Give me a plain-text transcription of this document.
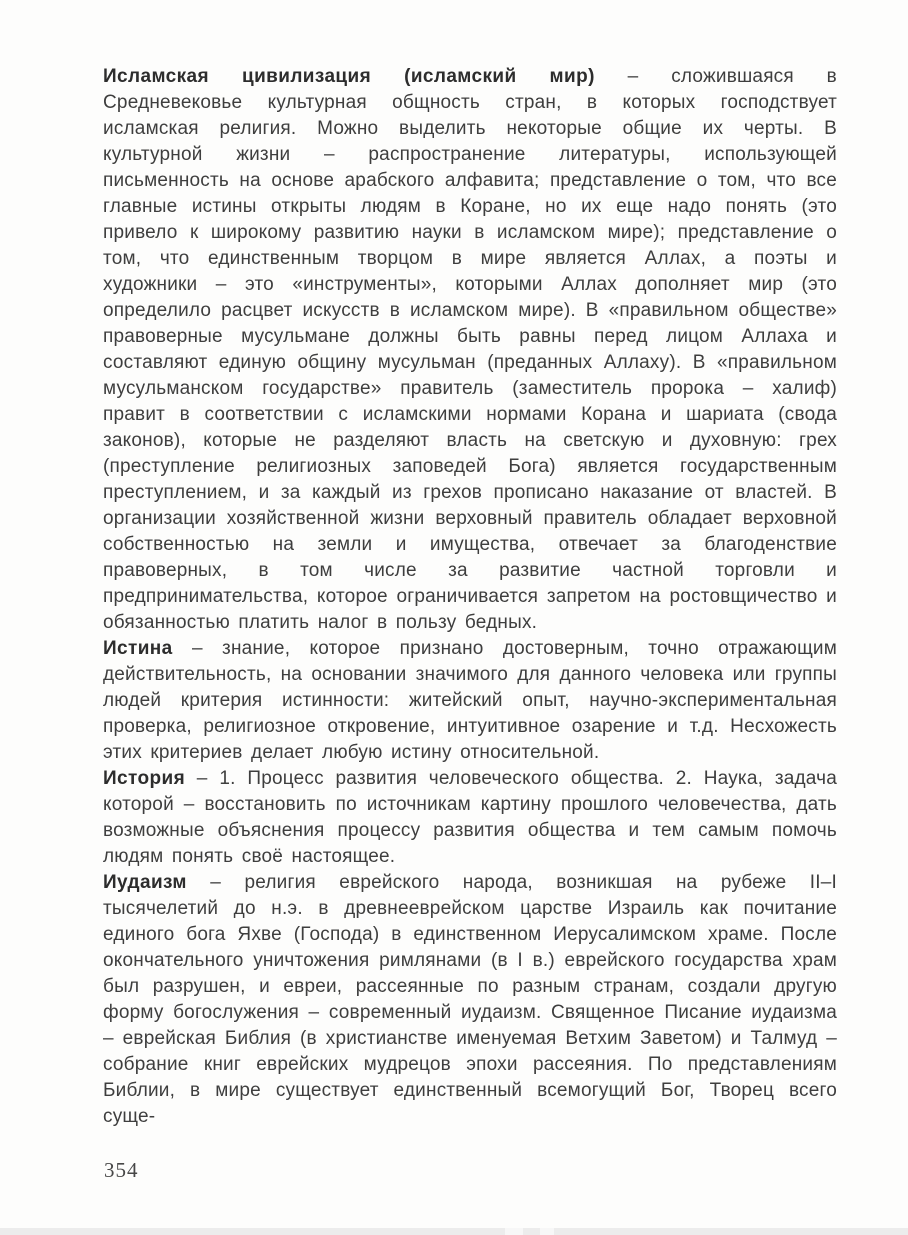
Исламская цивилизация (исламский мир) – сложившаяся в Средневековье культурная общность стран, в которых господствует исламская религия. Можно выделить некоторые общие их черты. В культурной жизни – распространение литературы, использующей письменность на основе арабского алфавита; представление о том, что все главные истины открыты людям в Коране, но их еще надо понять (это привело к широкому развитию науки в исламском мире); представление о том, что единственным творцом в мире является Аллах, а поэты и художники – это «инструменты», которыми Аллах дополняет мир (это определило расцвет искусств в исламском мире). В «правильном обществе» правоверные мусульмане должны быть равны перед лицом Аллаха и составляют единую общину мусульман (преданных Аллаху). В «правильном мусульманском государстве» правитель (заместитель пророка – халиф) правит в соответствии с исламскими нормами Корана и шариата (свода законов), которые не разделяют власть на светскую и духовную: грех (преступление религиозных заповедей Бога) является государственным преступлением, и за каждый из грехов прописано наказание от властей. В организации хозяйственной жизни верховный правитель обладает верховной собственностью на земли и имущества, отвечает за благоденствие правоверных, в том числе за развитие частной торговли и предпринимательства, которое ограничивается запретом на ростовщичество и обязанностью платить налог в пользу бедных.

Истина – знание, которое признано достоверным, точно отражающим действительность, на основании значимого для данного человека или группы людей критерия истинности: житейский опыт, научно-экспериментальная проверка, религиозное откровение, интуитивное озарение и т.д. Несхожесть этих критериев делает любую истину относительной.

История – 1. Процесс развития человеческого общества. 2. Наука, задача которой – восстановить по источникам картину прошлого человечества, дать возможные объяснения процессу развития общества и тем самым помочь людям понять своё настоящее.

Иудаизм – религия еврейского народа, возникшая на рубеже II–I тысячелетий до н.э. в древнееврейском царстве Израиль как почитание единого бога Яхве (Господа) в единственном Иерусалимском храме. После окончательного уничтожения римлянами (в I в.) еврейского государства храм был разрушен, и евреи, рассеянные по разным странам, создали другую форму богослужения – современный иудаизм. Священное Писание иудаизма – еврейская Библия (в христианстве именуемая Ветхим Заветом) и Талмуд – собрание книг еврейских мудрецов эпохи рассеяния. По представлениям Библии, в мире существует единственный всемогущий Бог, Творец всего суще-

354
